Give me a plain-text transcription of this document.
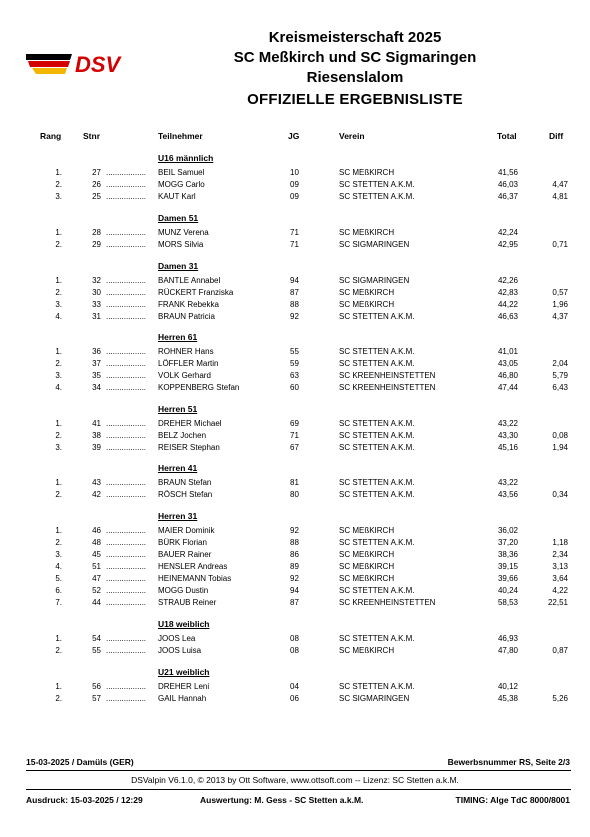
DSV
Kreismeisterschaft 2025
SC Meßkirch und SC Sigmaringen
Riesenslalom
OFFIZIELLE ERGEBNISLISTE
Rang	Stnr	Teilnehmer	JG	Verein	Total	Diff
U16 männlich
1.	27	BEIL Samuel	10	SC MEßKIRCH	41,56
..................
2.	26	MOGG Carlo	09	SC STETTEN A.K.M.	46,03	4,47
..................
3.	25	KAUT Karl	09	SC STETTEN A.K.M.	46,37	4,81
..................
Damen 51
1.	28	MUNZ Verena	71	SC MEßKIRCH	42,24
..................
2.	29	MORS Silvia	71	SC SIGMARINGEN	42,95	0,71
..................
Damen 31
1.	32	BANTLE Annabel	94	SC SIGMARINGEN	42,26
..................
2.	30	RÜCKERT Franziska	87	SC MEßKIRCH	42,83	0,57
..................
3.	33	FRANK Rebekka	88	SC MEßKIRCH	44,22	1,96
..................
4.	31	BRAUN Patricia	92	SC STETTEN A.K.M.	46,63	4,37
..................
Herren 61
1.	36	ROHNER Hans	55	SC STETTEN A.K.M.	41,01
..................
2.	37	LÖFFLER Martin	59	SC STETTEN A.K.M.	43,05	2,04
..................
3.	35	VOLK Gerhard	63	SC KREENHEINSTETTEN	46,80	5,79
..................
4.	34	KOPPENBERG Stefan	60	SC KREENHEINSTETTEN	47,44	6,43
..................
Herren 51
1.	41	DREHER Michael	69	SC STETTEN A.K.M.	43,22
..................
2.	38	BELZ Jochen	71	SC STETTEN A.K.M.	43,30	0,08
..................
3.	39	REISER Stephan	67	SC STETTEN A.K.M.	45,16	1,94
..................
Herren 41
1.	43	BRAUN Stefan	81	SC STETTEN A.K.M.	43,22
..................
2.	42	RÖSCH Stefan	80	SC STETTEN A.K.M.	43,56	0,34
..................
Herren 31
1.	46	MAIER Dominik	92	SC MEßKIRCH	36,02
..................
2.	48	BÜRK Florian	88	SC STETTEN A.K.M.	37,20	1,18
..................
3.	45	BAUER Rainer	86	SC MEßKIRCH	38,36	2,34
..................
4.	51	HENSLER Andreas	89	SC MEßKIRCH	39,15	3,13
..................
5.	47	HEINEMANN Tobias	92	SC MEßKIRCH	39,66	3,64
..................
6.	52	MOGG Dustin	94	SC STETTEN A.K.M.	40,24	4,22
..................
7.	44	STRAUB Reiner	87	SC KREENHEINSTETTEN	58,53	22,51
..................
U18 weiblich
1.	54	JOOS Lea	08	SC STETTEN A.K.M.	46,93
..................
2.	55	JOOS Luisa	08	SC MEßKIRCH	47,80	0,87
..................
U21 weiblich
1.	56	DREHER Leni	04	SC STETTEN A.K.M.	40,12
..................
2.	57	GAIL Hannah	06	SC SIGMARINGEN	45,38	5,26
..................
15-03-2025 / Damüls (GER)	Bewerbsnummer RS, Seite 2/3
DSValpin V6.1.0, © 2013 by Ott Software, www.ottsoft.com -- Lizenz: SC Stetten a.k.M.
Ausdruck: 15-03-2025 / 12:29	Auswertung: M. Gess - SC Stetten a.k.M.	TIMING: Alge TdC 8000/8001
